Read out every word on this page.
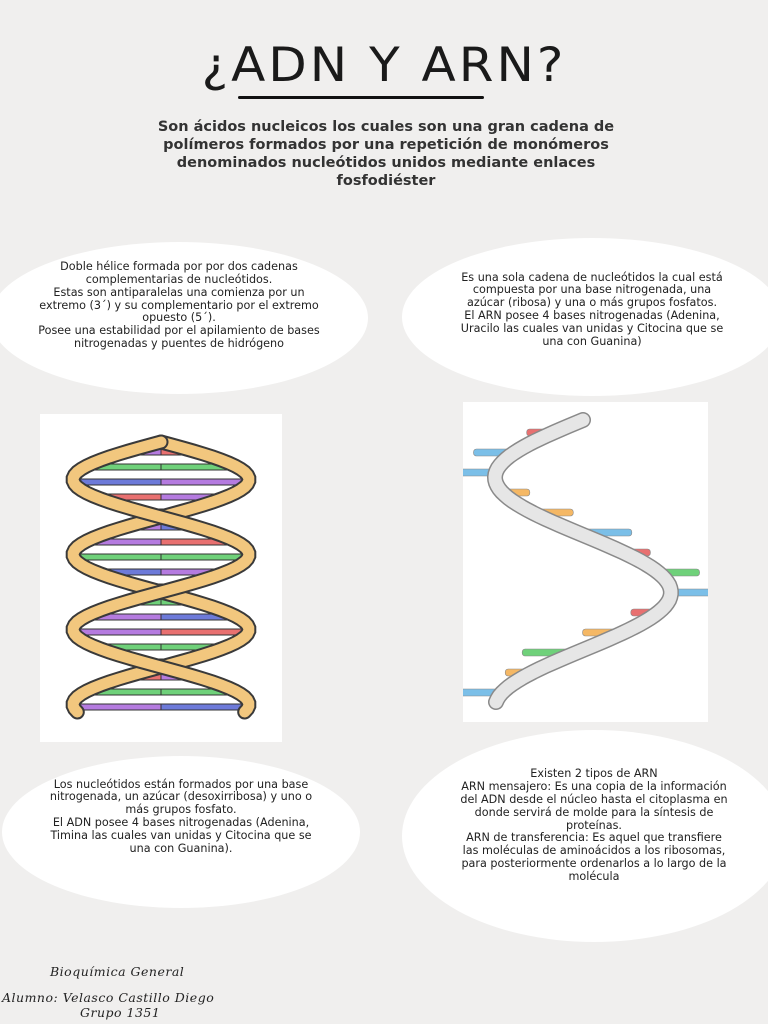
¿ADN Y ARN?
Son ácidos nucleicos los cuales son una gran cadena de polímeros formados por una repetición de monómeros denominados nucleótidos unidos mediante enlaces fosfodiéster

Doble hélice formada por por dos cadenas complementarias de nucleótidos.
Estas son antiparalelas una comienza por un extremo (3´) y su complementario por el extremo opuesto (5´).
Posee una estabilidad por el apilamiento de bases nitrogenadas y puentes de hidrógeno

Es una sola cadena de nucleótidos la cual está compuesta por una base nitrogenada, una azúcar (ribosa) y una o más grupos fosfatos.
El ARN posee 4 bases nitrogenadas (Adenina, Uracilo las cuales van unidas y Citocina que se una con Guanina)

Los nucleótidos están formados por una base nitrogenada, un azúcar (desoxirribosa) y uno o más grupos fosfato.
El ADN posee 4 bases nitrogenadas (Adenina, Timina las cuales van unidas y Citocina que se una con Guanina).

Existen 2 tipos de ARN
ARN mensajero: Es una copia de la información del ADN desde el núcleo hasta el citoplasma en donde servirá de molde para la síntesis de proteínas.
ARN de transferencia: Es aquel que transfiere las moléculas de aminoácidos a los ribosomas, para posteriormente ordenarlos a lo largo de la molécula

Bioquímica General
Alumno: Velasco Castillo Diego
Grupo 1351
